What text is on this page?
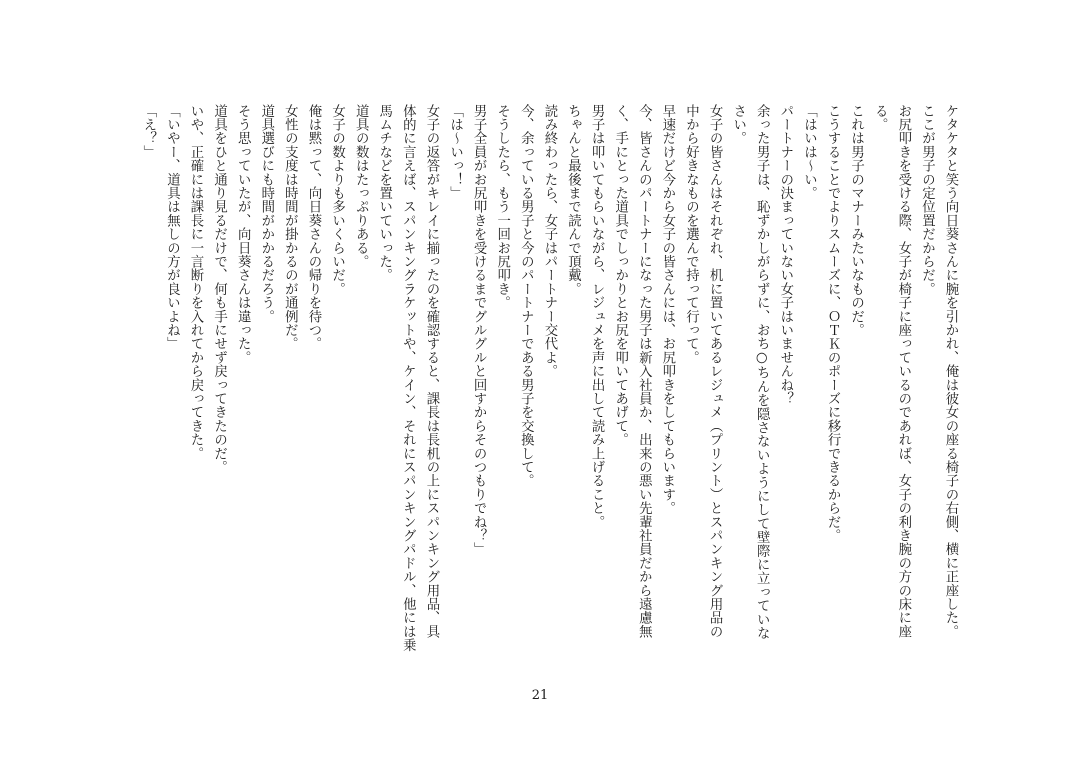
ケタケタと笑う向日葵さんに腕を引かれ、俺は彼女の座る椅子の右側、横に正座した。
ここが男子の定位置だからだ。
お尻叩きを受ける際、女子が椅子に座っているのであれば、女子の利き腕の方の床に座
る。
これは男子のマナーみたいなものだ。
こうすることでよりスムーズに、ＯＴＫのポーズに移行できるからだ。
「はいは～い。
パートナーの決まっていない女子はいませんね？
余った男子は、恥ずかしがらずに、おち○ちんを隠さないようにして壁際に立っていな
さい。
女子の皆さんはそれぞれ、机に置いてあるレジュメ（プリント）とスパンキング用品の
中から好きなものを選んで持って行って。
早速だけど今から女子の皆さんには、お尻叩きをしてもらいます。
今、皆さんのパートナーになった男子は新入社員か、出来の悪い先輩社員だから遠慮無
く、手にとった道具でしっかりとお尻を叩いてあげて。
男子は叩いてもらいながら、レジュメを声に出して読み上げること。
ちゃんと最後まで読んで頂戴。
読み終わったら、女子はパートナー交代よ。
今、余っている男子と今のパートナーである男子を交換して。
そうしたら、もう一回お尻叩き。
男子全員がお尻叩きを受けるまでグルグルと回すからそのつもりでね？」
「は～いっ！」
女子の返答がキレイに揃ったのを確認すると、課長は長机の上にスパンキング用品、具
体的に言えば、スパンキングラケットや、ケイン、それにスパンキングパドル、他には乗
馬ムチなどを置いていった。
道具の数はたっぷりある。
女子の数よりも多いくらいだ。
俺は黙って、向日葵さんの帰りを待つ。
女性の支度は時間が掛かるのが通例だ。
道具選びにも時間がかかるだろう。
そう思っていたが、向日葵さんは違った。
道具をひと通り見るだけで、何も手にせず戻ってきたのだ。
いや、正確には課長に一言断りを入れてから戻ってきた。
「いやー、道具は無しの方が良いよね」
「え？」
21
